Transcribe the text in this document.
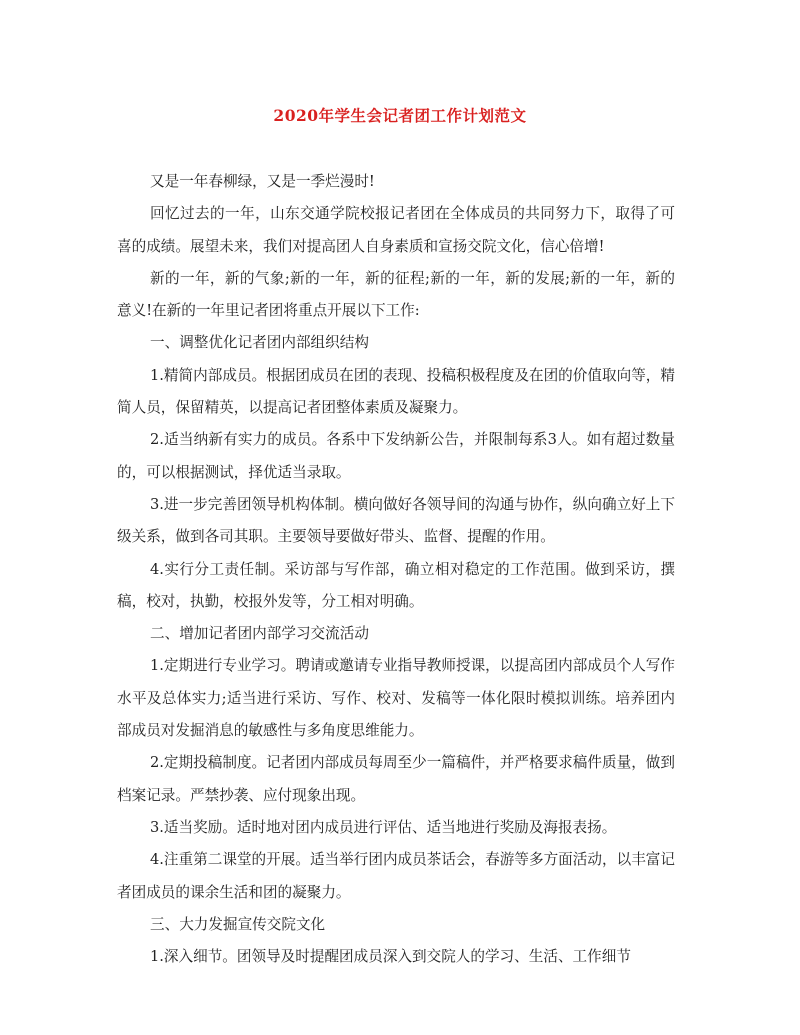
2020年学生会记者团工作计划范文

又是一年春柳绿，又是一季烂漫时!

回忆过去的一年，山东交通学院校报记者团在全体成员的共同努力下，取得了可喜的成绩。展望未来，我们对提高团人自身素质和宣扬交院文化，信心倍增!

新的一年，新的气象;新的一年，新的征程;新的一年，新的发展;新的一年，新的意义!在新的一年里记者团将重点开展以下工作:

一、调整优化记者团内部组织结构

1.精简内部成员。根据团成员在团的表现、投稿积极程度及在团的价值取向等，精简人员，保留精英，以提高记者团整体素质及凝聚力。

2.适当纳新有实力的成员。各系中下发纳新公告，并限制每系3人。如有超过数量的，可以根据测试，择优适当录取。

3.进一步完善团领导机构体制。横向做好各领导间的沟通与协作，纵向确立好上下级关系，做到各司其职。主要领导要做好带头、监督、提醒的作用。

4.实行分工责任制。采访部与写作部，确立相对稳定的工作范围。做到采访，撰稿，校对，执勤，校报外发等，分工相对明确。

二、增加记者团内部学习交流活动

1.定期进行专业学习。聘请或邀请专业指导教师授课，以提高团内部成员个人写作水平及总体实力;适当进行采访、写作、校对、发稿等一体化限时模拟训练。培养团内部成员对发掘消息的敏感性与多角度思维能力。

2.定期投稿制度。记者团内部成员每周至少一篇稿件，并严格要求稿件质量，做到档案记录。严禁抄袭、应付现象出现。

3.适当奖励。适时地对团内成员进行评估、适当地进行奖励及海报表扬。

4.注重第二课堂的开展。适当举行团内成员茶话会，春游等多方面活动，以丰富记者团成员的课余生活和团的凝聚力。

三、大力发掘宣传交院文化

1.深入细节。团领导及时提醒团成员深入到交院人的学习、生活、工作细节
